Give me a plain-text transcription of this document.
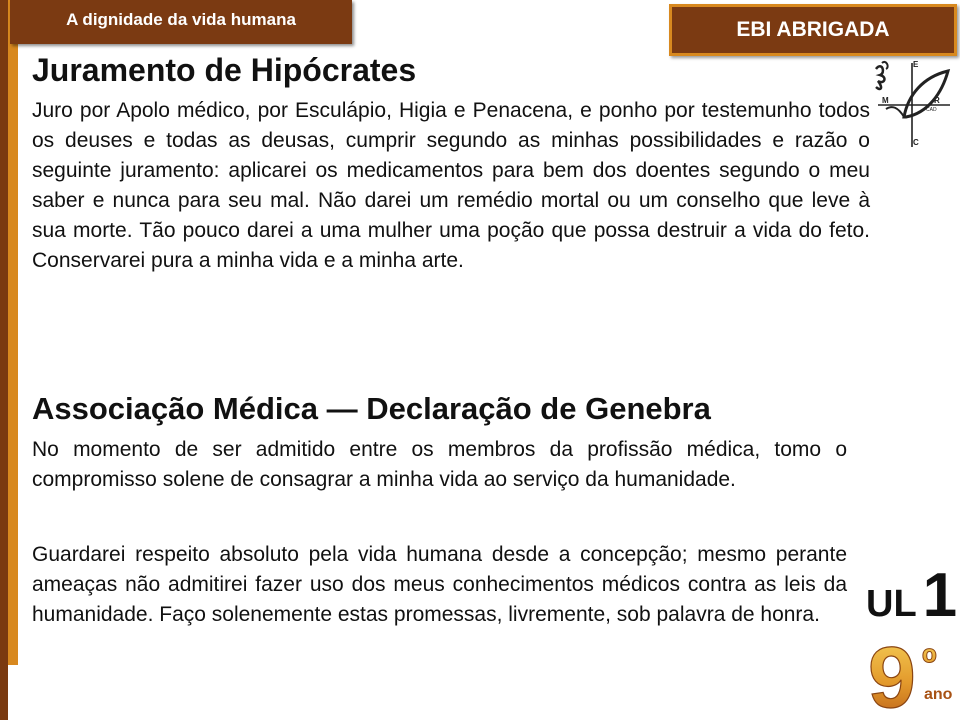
A dignidade da vida humana	EBI ABRIGADA
E
M	R
C
CAD
Juramento de Hipócrates

Juro por Apolo médico, por Esculápio, Higia e Penacena, e ponho por testemunho todos os deuses e todas as deusas, cumprir segundo as minhas possibilidades e razão o seguinte juramento: aplicarei os medicamentos para bem dos doentes segundo o meu saber e nunca para seu mal. Não darei um remédio mortal ou um conselho que leve à sua morte. Tão pouco darei a uma mulher uma poção que possa destruir a vida do feto. Conservarei pura a minha vida e a minha arte.

Associação Médica — Declaração de Genebra

No momento de ser admitido entre os membros da profissão médica, tomo o compromisso solene de consagrar a minha vida ao serviço da humanidade.

Guardarei respeito absoluto pela vida humana desde a concepção; mesmo perante ameaças não admitirei fazer uso dos meus conhecimentos médicos contra as leis da humanidade. Faço solenemente estas promessas, livremente, sob palavra de honra.	UL1
9 º
ano
